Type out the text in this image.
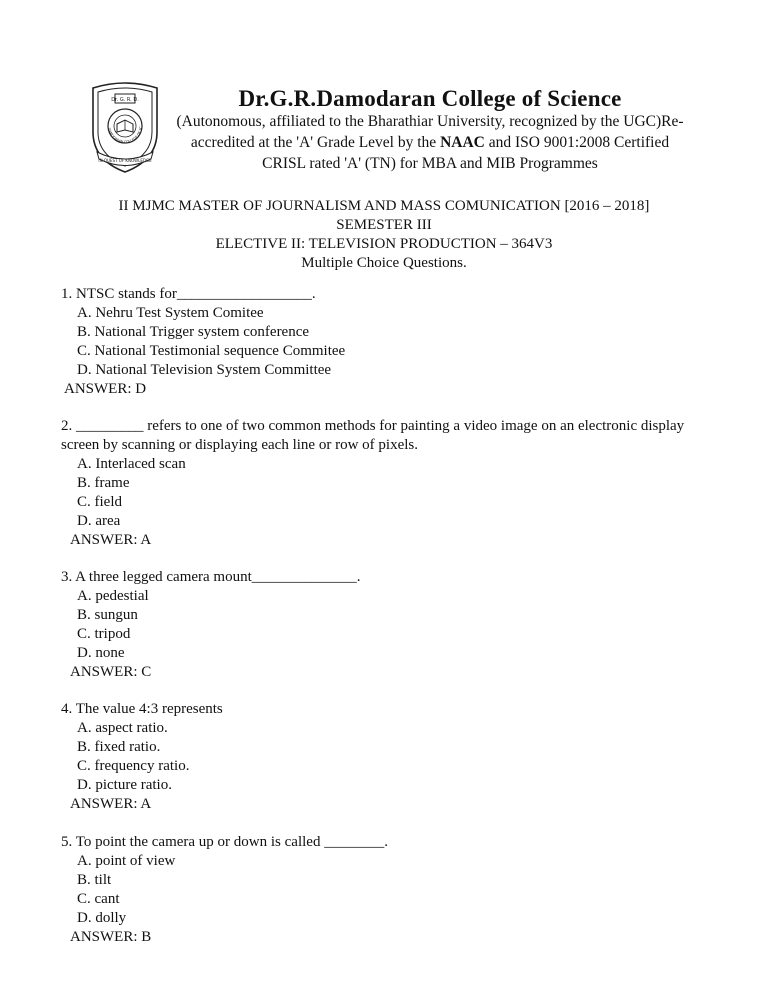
Dr. G. R. D.
DAMODARAN COLLEGE OF SC
IN QUEST OF KNOWLEDGE
Dr.G.R.Damodaran College of Science
(Autonomous, affiliated to the Bharathiar University, recognized by the UGC)Re-
accredited at the 'A' Grade Level by the NAAC and ISO 9001:2008 Certified
CRISL rated 'A' (TN) for MBA and MIB Programmes
II MJMC MASTER OF JOURNALISM AND MASS COMUNICATION [2016 – 2018]
SEMESTER III
ELECTIVE II: TELEVISION PRODUCTION – 364V3
Multiple Choice Questions.
1. NTSC stands for__________________.
A. Nehru Test System Comitee
B. National Trigger system conference
C. National Testimonial sequence Commitee
D. National Television System Committee
ANSWER: D
2. _________ refers to one of two common methods for painting a video image on an electronic display
screen by scanning or displaying each line or row of pixels.
A. Interlaced scan
B. frame
C. field
D. area
ANSWER: A
3. A three legged camera mount______________.
A. pedestial
B. sungun
C. tripod
D. none
ANSWER: C
4. The value 4:3 represents
A. aspect ratio.
B. fixed ratio.
C. frequency ratio.
D. picture ratio.
ANSWER: A
5. To point the camera up or down is called ________.
A. point of view
B. tilt
C. cant
D. dolly
ANSWER: B
